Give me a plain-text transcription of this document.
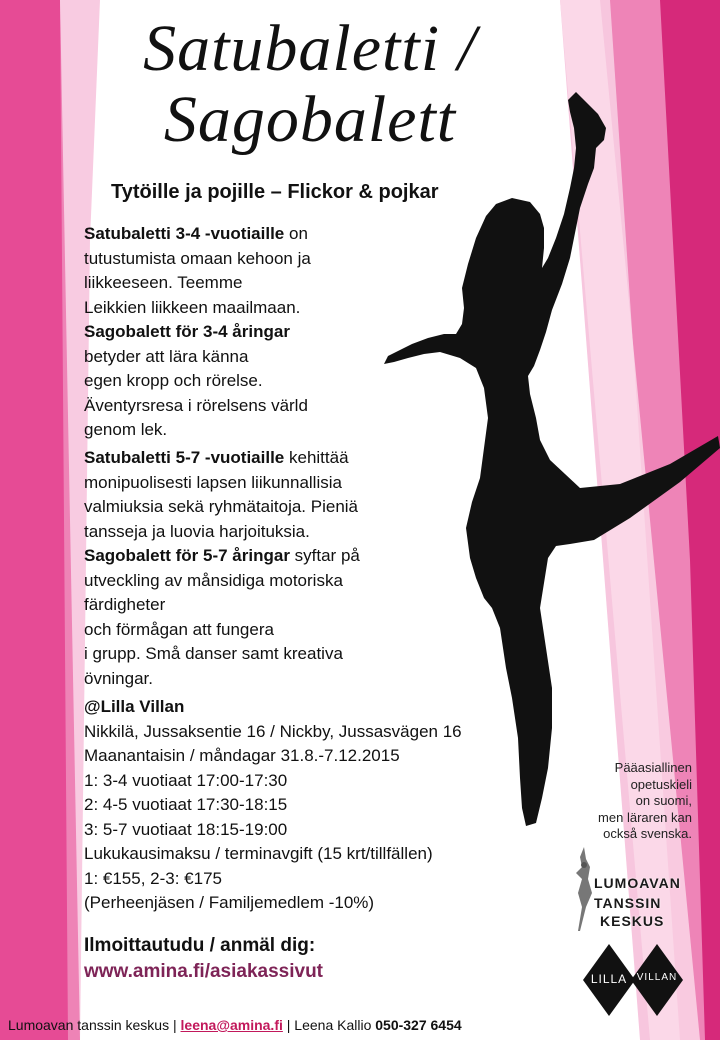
Satubaletti /
Sagobalett
Tytöille ja pojille – Flickor & pojkar
Satubaletti 3-4 -vuotiaille on
tutustumista omaan kehoon ja
liikkeeseen. Teemme
Leikkien liikkeen maailmaan.
Sagobalett för 3-4 åringar
betyder att lära känna
egen kropp och rörelse.
Äventyrsresa i rörelsens värld
genom lek.
Satubaletti 5-7 -vuotiaille kehittää
monipuolisesti lapsen liikunnallisia
valmiuksia sekä ryhmätaitoja. Pieniä
tansseja ja luovia harjoituksia.
Sagobalett för 5-7 åringar syftar på
utveckling av månsidiga motoriska
färdigheter
och förmågan att fungera
i grupp. Små danser samt kreativa
övningar.
@Lilla Villan
Nikkilä, Jussaksentie 16 / Nickby, Jussasvägen 16
Maanantaisin / måndagar 31.8.-7.12.2015
1: 3-4 vuotiaat 17:00-17:30
2: 4-5 vuotiaat 17:30-18:15
3: 5-7 vuotiaat 18:15-19:00
Lukukausimaksu / terminavgift (15 krt/tillfällen)
1: €155, 2-3: €175
(Perheenjäsen / Familjemedlem -10%)
Ilmoittautudu / anmäl dig:
www.amina.fi/asiakassivut
Pääasiallinen
opetuskieli
on suomi,
men läraren kan
också svenska.
LUMOAVAN
TANSSIN
KESKUS
LILLA VILLAN
Lumoavan tanssin keskus | leena@amina.fi | Leena Kallio 050-327 6454
